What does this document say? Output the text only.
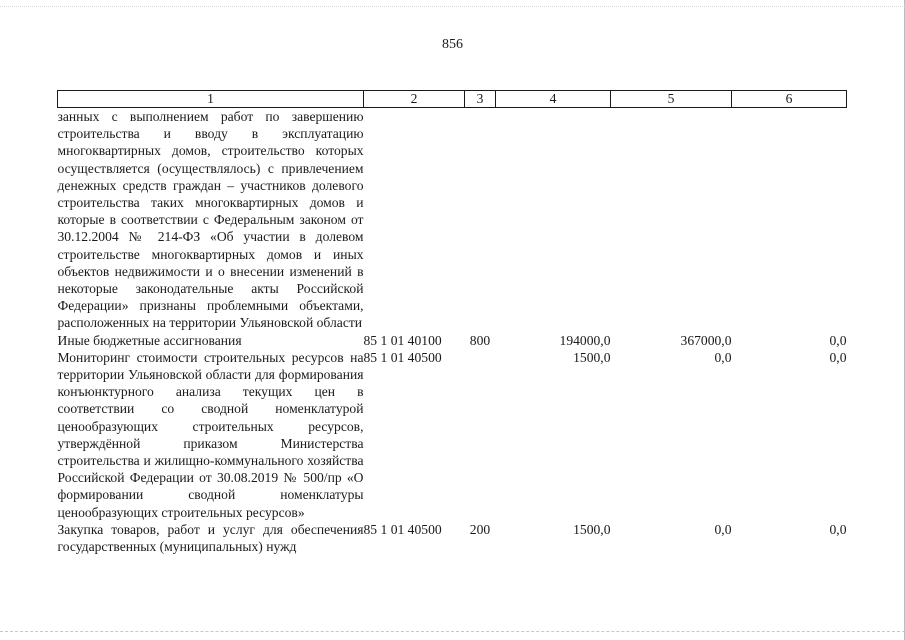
856
1	2	3	4	5	6
занных с выполнением работ по завершению строительства и вводу в эксплуатацию многоквартирных домов, строительство которых осуществляется (осуществлялось) с привлечением денежных средств граждан – участников долевого строительства таких многоквартирных домов и которые в соответствии с Федеральным законом от 30.12.2004 № 214-ФЗ «Об участии в долевом строительстве многоквартирных домов и иных объектов недвижимости и о внесении изменений в некоторые законодательные акты Российской Федерации» признаны проблемными объектами, расположенных на территории Ульяновской области					
Иные бюджетные ассигнования	85 1 01 40100	800	194000,0	367000,0	0,0
Мониторинг стоимости строительных ресурсов на территории Ульяновской области для формирования конъюнктурного анализа текущих цен в соответствии со сводной номенклатурой ценообразующих строительных ресурсов, утверждённой приказом Министерства строительства и жилищно-коммунального хозяйства Российской Федерации от 30.08.2019 № 500/пр «О формировании сводной номенклатуры ценообразующих строительных ресурсов»	85 1 01 40500		1500,0	0,0	0,0
Закупка товаров, работ и услуг для обеспечения государственных (муниципальных) нужд	85 1 01 40500	200	1500,0	0,0	0,0
